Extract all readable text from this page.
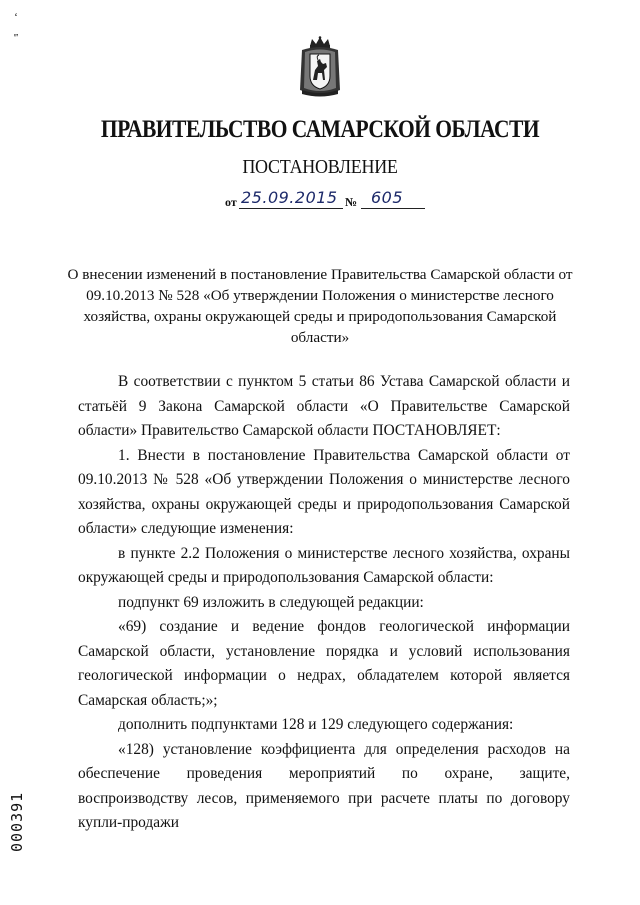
‘
‴
ПРАВИТЕЛЬСТВО САМАРСКОЙ ОБЛАСТИ
ПОСТАНОВЛЕНИЕ
от 25.09.2015 № 605
О внесении изменений в постановление Правительства Самарской области от 09.10.2013 № 528 «Об утверждении Положения о министерстве лесного хозяйства, охраны окружающей среды и природопользования Самарской области»

В соответствии с пунктом 5 статьи 86 Устава Самарской области и статьёй 9 Закона Самарской области «О Правительстве Самарской области» Правительство Самарской области ПОСТАНОВЛЯЕТ:

1. Внести в постановление Правительства Самарской области от 09.10.2013 № 528 «Об утверждении Положения о министерстве лесного хозяйства, охраны окружающей среды и природопользования Самарской области» следующие изменения:

в пункте 2.2 Положения о министерстве лесного хозяйства, охраны окружающей среды и природопользования Самарской области:

подпункт 69 изложить в следующей редакции:

«69) создание и ведение фондов геологической информации Самарской области, установление порядка и условий использования геологической информации о недрах, обладателем которой является Самарская область;»;

дополнить подпунктами 128 и 129 следующего содержания:

«128) установление коэффициента для определения расходов на обеспечение проведения мероприятий по охране, защите, воспроизводству лесов, применяемого при расчете платы по договору купли-продажи

000391
